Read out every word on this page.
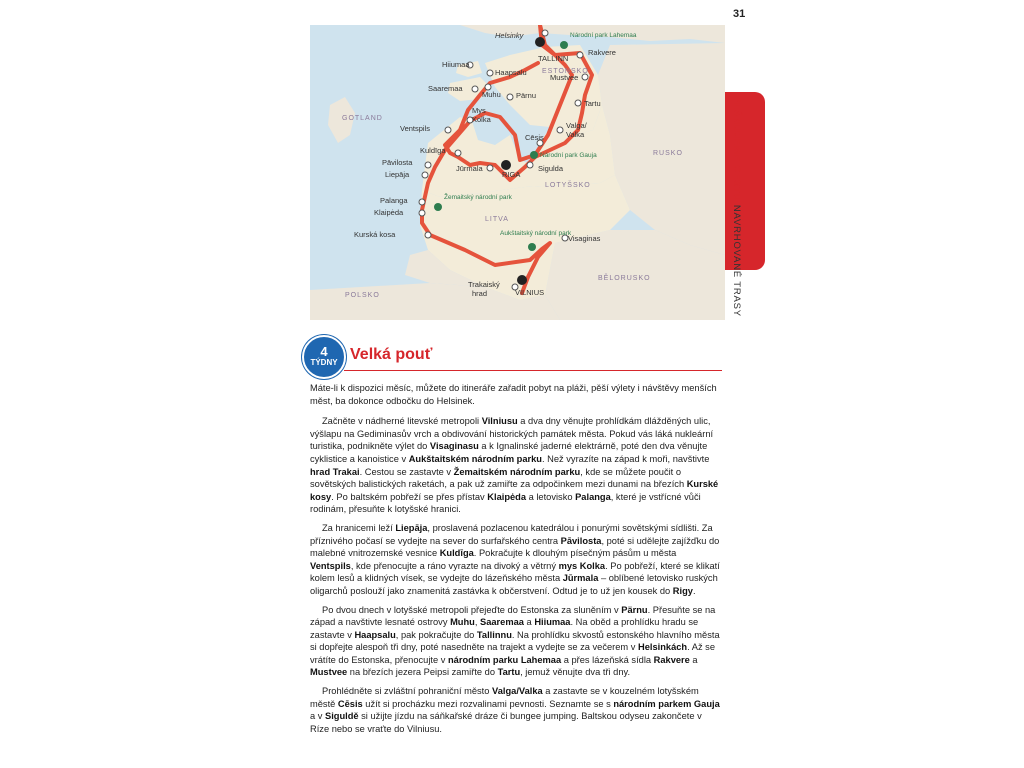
31
ESTONSKO
LOTYŠSKO
LITVA
RUSKO
BĚLORUSKO
POLSKO
GOTLAND
Helsinky
TALLINN
Rakvere
Hiiumaa
Haapsalu
Mustvee
Saaremaa
Muhu Pärnu
Tartu
Mys
Kolka
Ventspils	Valga/
Valka
Cēsis
Kuldīga
Pāvilosta
Jūrmala
RIGA
Sigulda
Liepāja
Palanga
Klaipėda
Kurská kosa	Visaginas
Trakaiský
hrad	VILNIUS
Národní park Lahemaa
Národní park Gauja
Žemaitský národní park
Aukštaitský národní park
PLÁNUJEME CESTU NAVRHOVANÉ TRASY
4
TÝDNY Velká pouť

Máte-li k dispozici měsíc, můžete do itineráře zařadit pobyt na pláži, pěší výlety i návštěvy menších měst, ba dokonce odbočku do Helsinek.

Začněte v nádherné litevské metropoli Vilniusu a dva dny věnujte prohlídkám dlážděných ulic, výšlapu na Gediminasův vrch a obdivování historických památek města. Pokud vás láká nukleární turistika, podnikněte výlet do Visaginasu a k Ignalinské jaderné elektrárně, poté den dva věnujte cyklistice a kanoistice v Aukštaitském národním parku. Než vyrazíte na západ k moři, navštivte hrad Trakai. Cestou se zastavte v Žemaitském národním parku, kde se můžete poučit o sovětských balistických raketách, a pak už zamiřte za odpočinkem mezi dunami na březích Kurské kosy. Po baltském pobřeží se přes přístav Klaipėda a letovisko Palanga, které je vstřícné vůči rodinám, přesuňte k lotyšské hranici.

Za hranicemi leží Liepāja, proslavená pozlacenou katedrálou i ponurými sovětskými sídlišti. Za příznivého počasí se vydejte na sever do surfařského centra Pāvilosta, poté si udělejte zajížďku do malebné vnitrozemské vesnice Kuldīga. Pokračujte k dlouhým písečným pásům u města Ventspils, kde přenocujte a ráno vyrazte na divoký a větrný mys Kolka. Po pobřeží, které se klikatí kolem lesů a klidných vísek, se vydejte do lázeňského města Jūrmala – oblíbené letovisko ruských oligarchů poslouží jako znamenitá zastávka k občerstvení. Odtud je to už jen kousek do Rigy.

Po dvou dnech v lotyšské metropoli přejeďte do Estonska za sluněním v Pärnu. Přesuňte se na západ a navštivte lesnaté ostrovy Muhu, Saaremaa a Hiiumaa. Na oběd a prohlídku hradu se zastavte v Haapsalu, pak pokračujte do Tallinnu. Na prohlídku skvostů estonského hlavního města si dopřejte alespoň tři dny, poté nasedněte na trajekt a vydejte se za večerem v Helsinkách. Až se vrátíte do Estonska, přenocujte v národním parku Lahemaa a přes lázeňská sídla Rakvere a Mustvee na březích jezera Peipsi zamiřte do Tartu, jemuž věnujte dva tři dny.

Prohlédněte si zvláštní pohraniční město Valga/Valka a zastavte se v kouzelném lotyšském městě Cēsis užít si procházku mezi rozvalinami pevnosti. Seznamte se s národním parkem Gauja a v Siguldě si užijte jízdu na sáňkařské dráze či bungee jumping. Baltskou odyseu zakončete v Ríze nebo se vraťte do Vilniusu.
